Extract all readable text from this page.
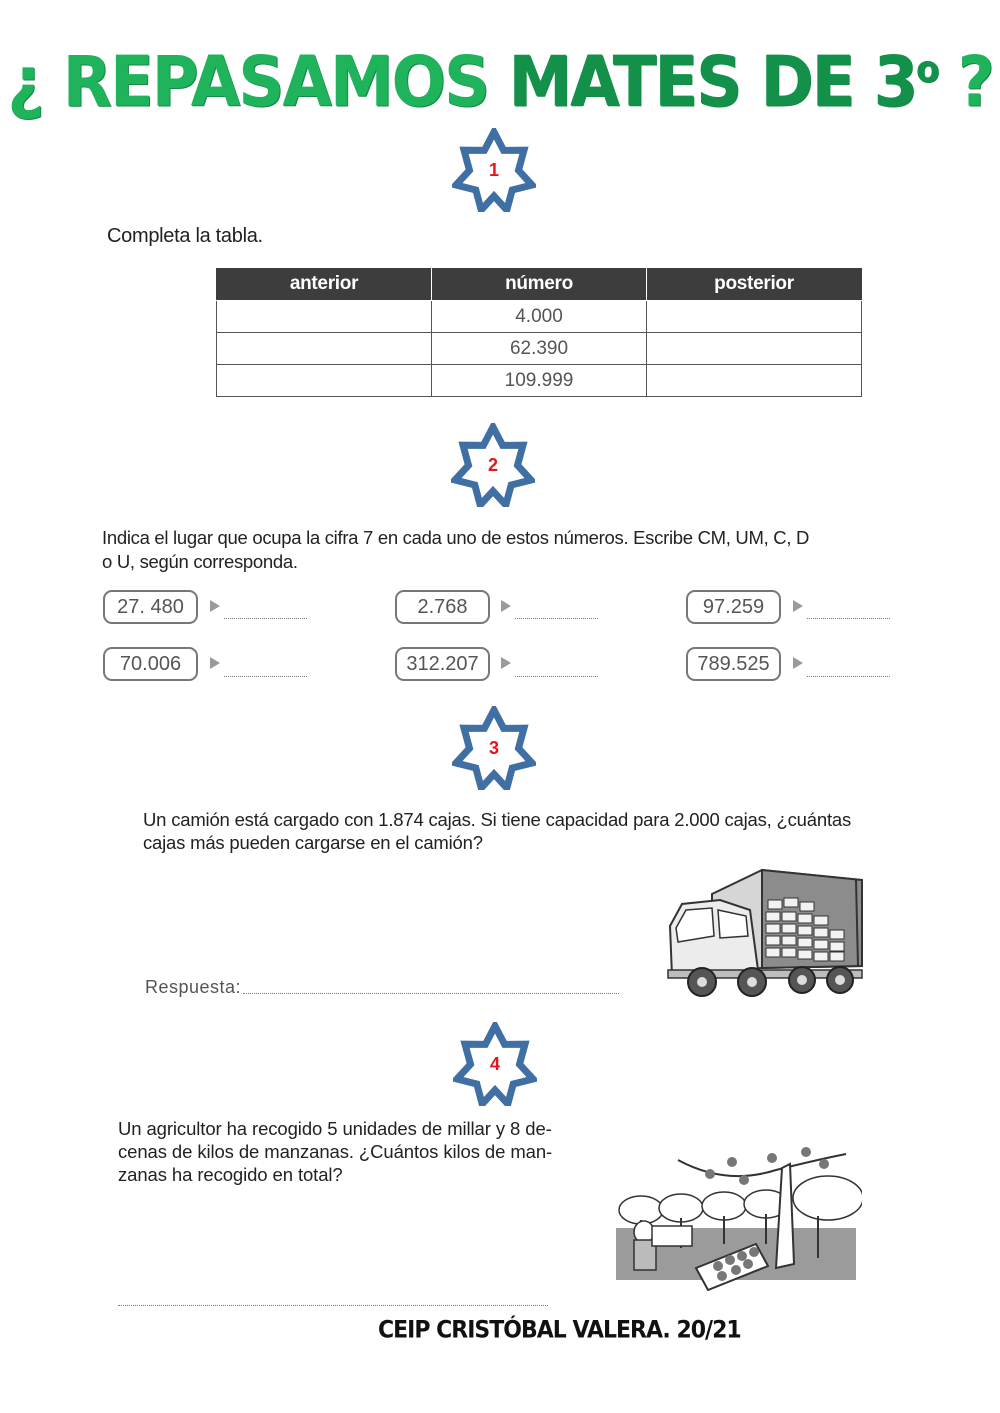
¿ REPASAMOS MATES DE 3$^o$ ?
1
Completa la tabla.
anterior	número	posterior
	4.000	
	62.390	
	109.999	
2
Indica el lugar que ocupa la cifra 7 en cada uno de estos números. Escribe CM, UM, C, D
o U, según corresponda.
27. 480	2.768	97.259
70.006	312.207	789.525
3
Un camión está cargado con 1.874 cajas. Si tiene capacidad para 2.000 cajas, ¿cuántas
cajas más pueden cargarse en el camión?
Respuesta:
4
Un agricultor ha recogido 5 unidades de millar y 8 de-
cenas de kilos de manzanas. ¿Cuántos kilos de man-
zanas ha recogido en total?
CEIP CRISTÓBAL VALERA. 20/21
